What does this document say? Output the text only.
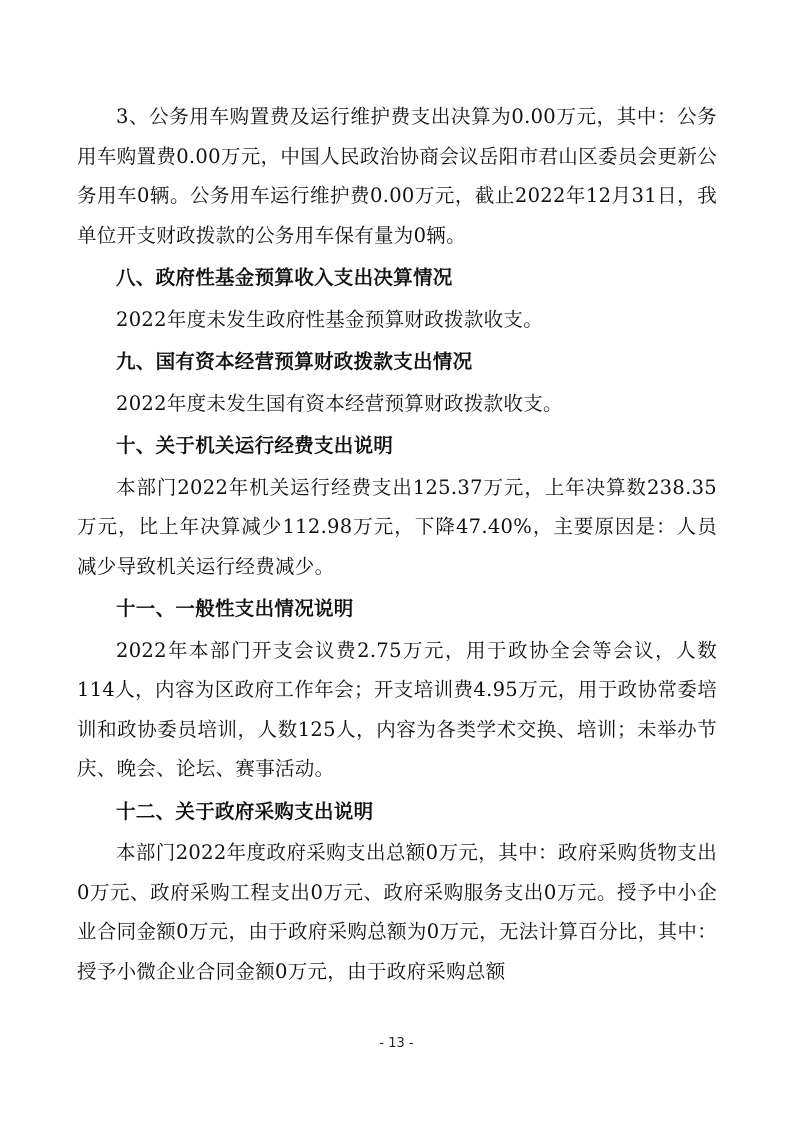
3、公务用车购置费及运行维护费支出决算为0.00万元，其中：公务用车购置费0.00万元，中国人民政治协商会议岳阳市君山区委员会更新公务用车0辆。公务用车运行维护费0.00万元，截止2022年12月31日，我单位开支财政拨款的公务用车保有量为0辆。

八、政府性基金预算收入支出决算情况

2022年度未发生政府性基金预算财政拨款收支。

九、国有资本经营预算财政拨款支出情况

2022年度未发生国有资本经营预算财政拨款收支。

十、关于机关运行经费支出说明

本部门2022年机关运行经费支出125.37万元，上年决算数238.35万元，比上年决算减少112.98万元，下降47.40%，主要原因是：人员减少导致机关运行经费减少。

十一、一般性支出情况说明

2022年本部门开支会议费2.75万元，用于政协全会等会议，人数114人，内容为区政府工作年会；开支培训费4.95万元，用于政协常委培训和政协委员培训，人数125人，内容为各类学术交换、培训；未举办节庆、晚会、论坛、赛事活动。

十二、关于政府采购支出说明

本部门2022年度政府采购支出总额0万元，其中：政府采购货物支出0万元、政府采购工程支出0万元、政府采购服务支出0万元。授予中小企业合同金额0万元，由于政府采购总额为0万元，无法计算百分比，其中：授予小微企业合同金额0万元，由于政府采购总额

- 13 -
